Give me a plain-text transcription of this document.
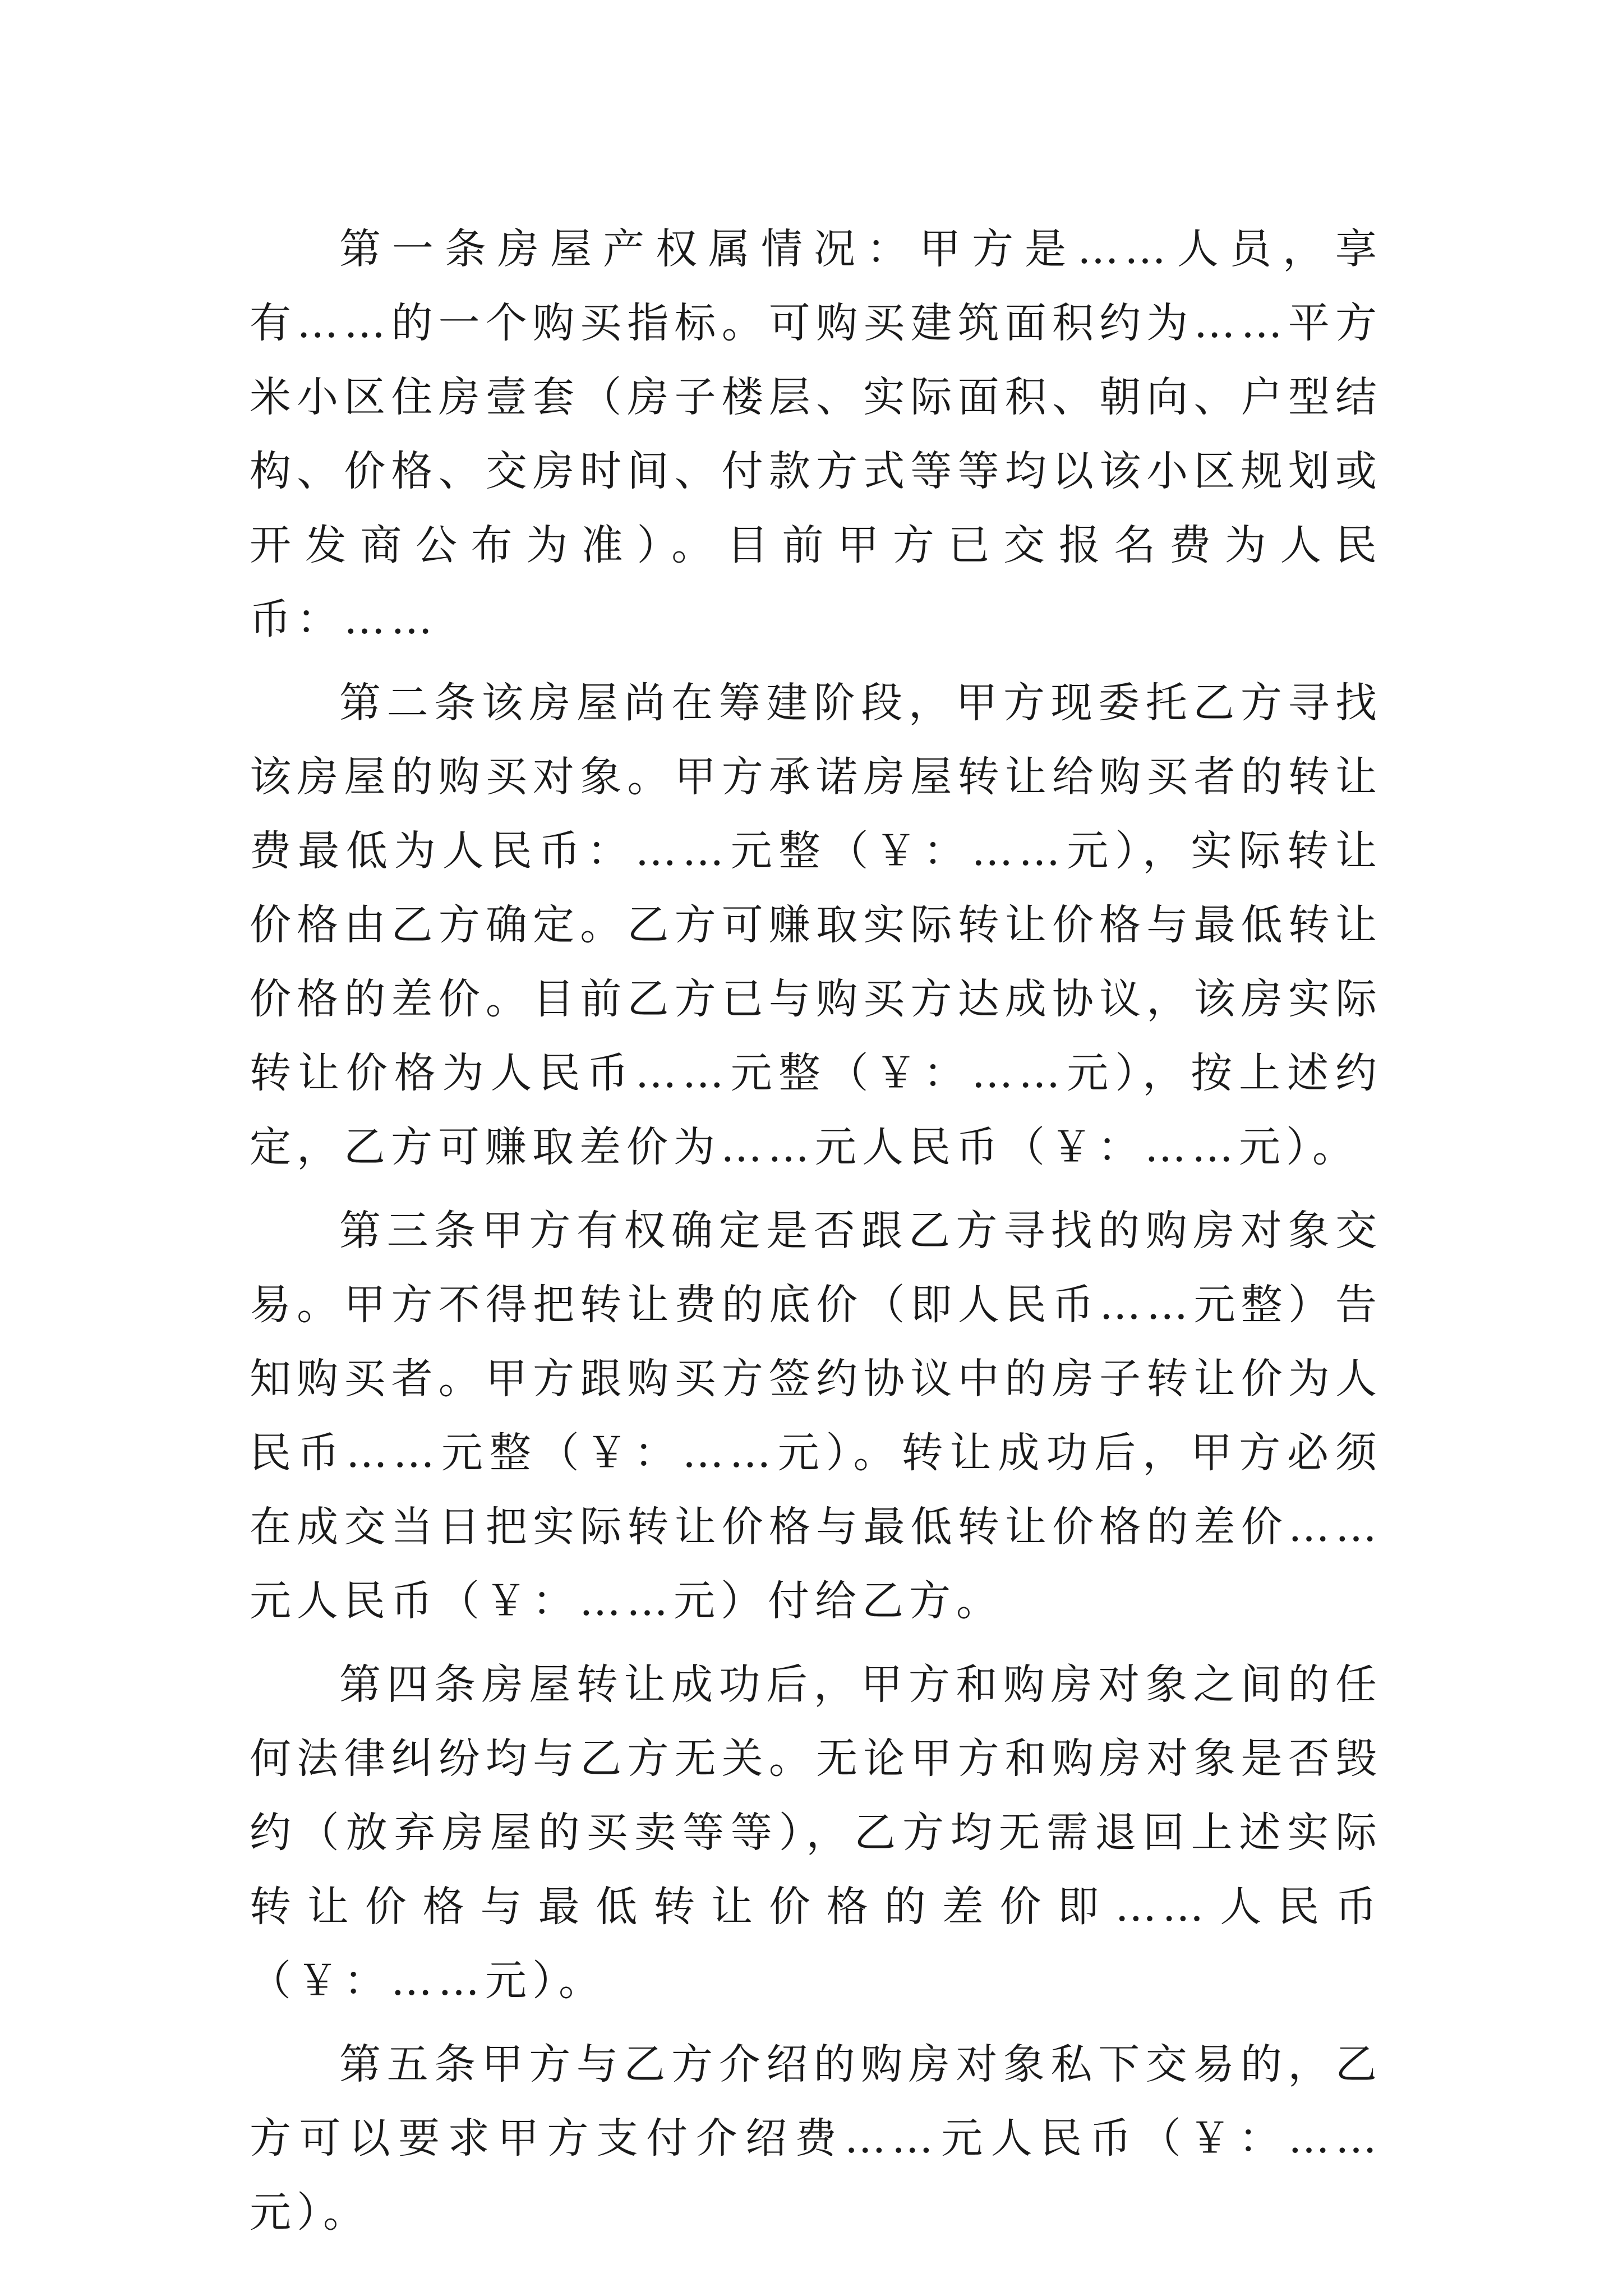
第一条房屋产权属情况：甲方是……人员，享有……的一个购买指标。可购买建筑面积约为……平方米小区住房壹套（房子楼层、实际面积、朝向、户型结构、价格、交房时间、付款方式等等均以该小区规划或开发商公布为准）。目前甲方已交报名费为人民币：……

第二条该房屋尚在筹建阶段，甲方现委托乙方寻找该房屋的购买对象。甲方承诺房屋转让给购买者的转让费最低为人民币：……元整（￥：……元），实际转让价格由乙方确定。乙方可赚取实际转让价格与最低转让价格的差价。目前乙方已与购买方达成协议，该房实际转让价格为人民币……元整（￥：……元），按上述约定，乙方可赚取差价为……元人民币（￥：……元）。

第三条甲方有权确定是否跟乙方寻找的购房对象交易。甲方不得把转让费的底价（即人民币……元整）告知购买者。甲方跟购买方签约协议中的房子转让价为人民币……元整（￥：……元）。转让成功后，甲方必须在成交当日把实际转让价格与最低转让价格的差价……元人民币（￥：……元）付给乙方。

第四条房屋转让成功后，甲方和购房对象之间的任何法律纠纷均与乙方无关。无论甲方和购房对象是否毁约（放弃房屋的买卖等等），乙方均无需退回上述实际转让价格与最低转让价格的差价即……人民币（￥：……元）。

第五条甲方与乙方介绍的购房对象私下交易的，乙方可以要求甲方支付介绍费……元人民币（￥：……元）。
